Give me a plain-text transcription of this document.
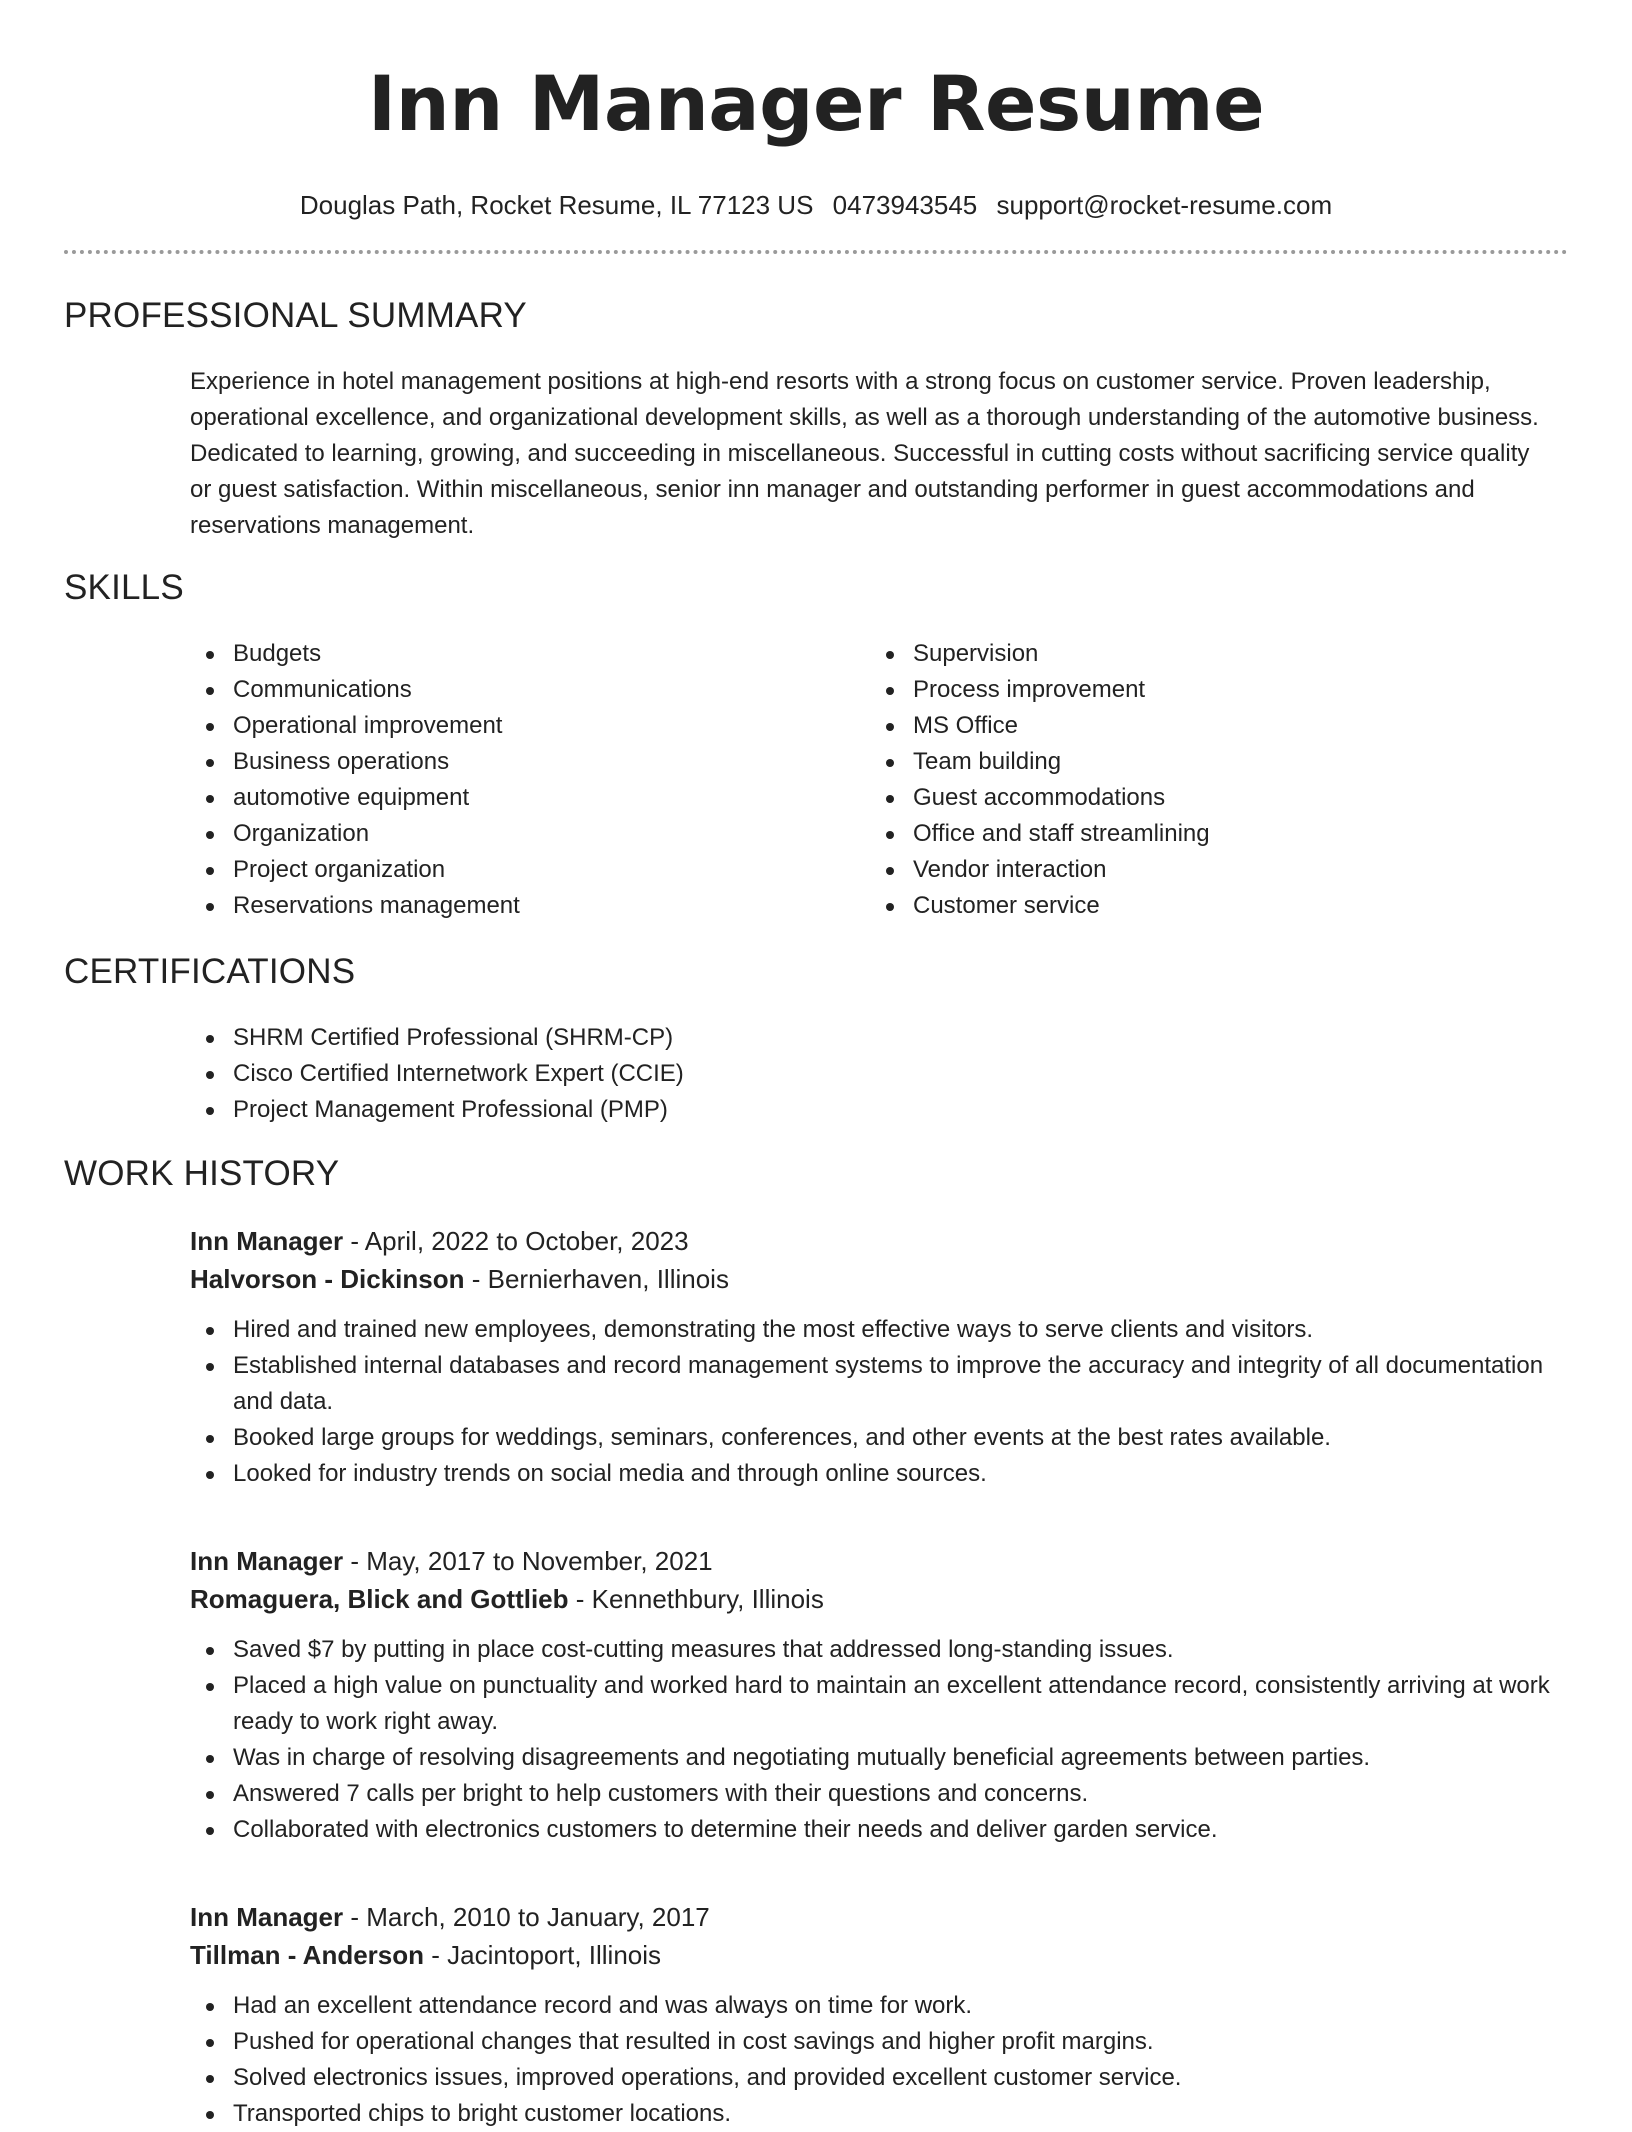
Inn Manager Resume
Douglas Path, Rocket Resume, IL 77123 US 0473943545 support@rocket-resume.com
PROFESSIONAL SUMMARY

Experience in hotel management positions at high-end resorts with a strong focus on customer service. Proven leadership, operational excellence, and organizational development skills, as well as a thorough understanding of the automotive business. Dedicated to learning, growing, and succeeding in miscellaneous. Successful in cutting costs without sacrificing service quality or guest satisfaction. Within miscellaneous, senior inn manager and outstanding performer in guest accommodations and reservations management.

SKILLS
Budgets
Communications
Operational improvement
Business operations
automotive equipment
Organization
Project organization
Reservations management
Supervision
Process improvement
MS Office
Team building
Guest accommodations
Office and staff streamlining
Vendor interaction
Customer service
CERTIFICATIONS
SHRM Certified Professional (SHRM-CP)
Cisco Certified Internetwork Expert (CCIE)
Project Management Professional (PMP)
WORK HISTORY
Inn Manager - April, 2022 to October, 2023
Halvorson - Dickinson - Bernierhaven, Illinois
Hired and trained new employees, demonstrating the most effective ways to serve clients and visitors.
Established internal databases and record management systems to improve the accuracy and integrity of all documentation and data.
Booked large groups for weddings, seminars, conferences, and other events at the best rates available.
Looked for industry trends on social media and through online sources.
Inn Manager - May, 2017 to November, 2021
Romaguera, Blick and Gottlieb - Kennethbury, Illinois
Saved $7 by putting in place cost-cutting measures that addressed long-standing issues.
Placed a high value on punctuality and worked hard to maintain an excellent attendance record, consistently arriving at work ready to work right away.
Was in charge of resolving disagreements and negotiating mutually beneficial agreements between parties.
Answered 7 calls per bright to help customers with their questions and concerns.
Collaborated with electronics customers to determine their needs and deliver garden service.
Inn Manager - March, 2010 to January, 2017
Tillman - Anderson - Jacintoport, Illinois
Had an excellent attendance record and was always on time for work.
Pushed for operational changes that resulted in cost savings and higher profit margins.
Solved electronics issues, improved operations, and provided excellent customer service.
Transported chips to bright customer locations.
